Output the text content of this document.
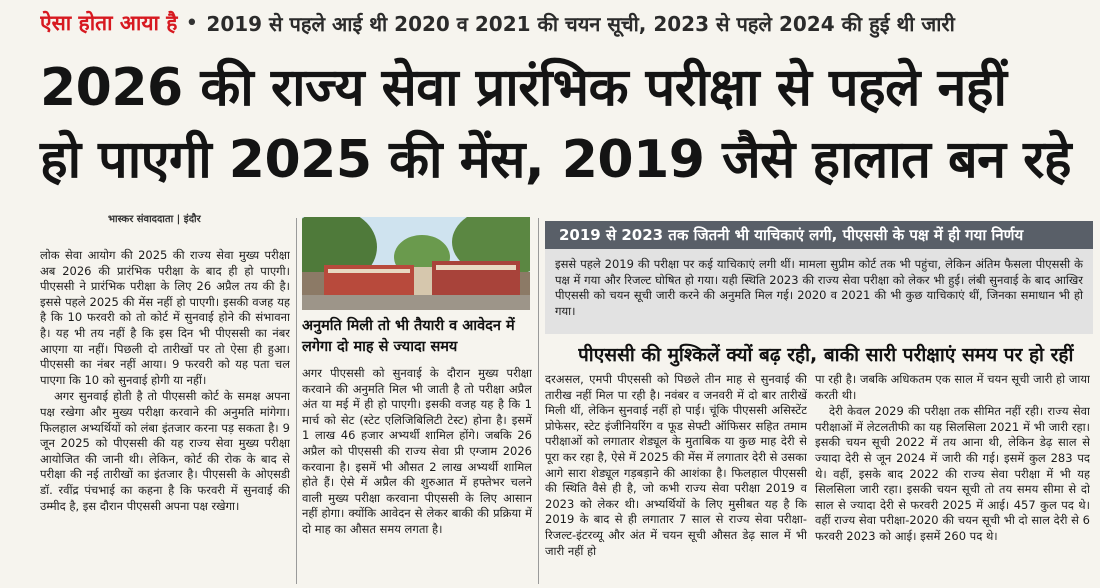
ऐसा होता आया है • 2019 से पहले आई थी 2020 व 2021 की चयन सूची, 2023 से पहले 2024 की हुई थी जारी
2026 की राज्य सेवा प्रारंभिक परीक्षा से पहले नहीं
हो पाएगी 2025 की मेंस, 2019 जैसे हालात बन रहे
भास्कर संवाददाता | इंदौर

लोक सेवा आयोग की 2025 की राज्य सेवा मुख्य परीक्षा अब 2026 की प्रारंभिक परीक्षा के बाद ही हो पाएगी। पीएससी ने प्रारंभिक परीक्षा के लिए 26 अप्रैल तय की है। इससे पहले 2025 की मेंस नहीं हो पाएगी। इसकी वजह यह है कि 10 फरवरी को तो कोर्ट में सुनवाई होने की संभावना है। यह भी तय नहीं है कि इस दिन भी पीएससी का नंबर आएगा या नहीं। पिछली दो तारीखों पर तो ऐसा ही हुआ। पीएससी का नंबर नहीं आया। 9 फरवरी को यह पता चल पाएगा कि 10 को सुनवाई होगी या नहीं।

अगर सुनवाई होती है तो पीएससी कोर्ट के समक्ष अपना पक्ष रखेगा और मुख्य परीक्षा करवाने की अनुमति मांगेगा। फिलहाल अभ्यर्थियों को लंबा इंतजार करना पड़ सकता है। 9 जून 2025 को पीएससी की यह राज्य सेवा मुख्य परीक्षा आयोजित की जानी थी। लेकिन, कोर्ट की रोक के बाद से परीक्षा की नई तारीखों का इंतजार है। पीएससी के ओएसडी डॉ. रवींद्र पंचभाई का कहना है कि फरवरी में सुनवाई की उम्मीद है, इस दौरान पीएससी अपना पक्ष रखेगा।

अनुमति मिली तो भी तैयारी व आवेदन में लगेगा दो माह से ज्यादा समय

अगर पीएससी को सुनवाई के दौरान मुख्य परीक्षा करवाने की अनुमति मिल भी जाती है तो परीक्षा अप्रैल अंत या मई में ही हो पाएगी। इसकी वजह यह है कि 1 मार्च को सेट (स्टेट एलिजिबिलिटी टेस्ट) होना है। इसमें 1 लाख 46 हजार अभ्यर्थी शामिल होंगे। जबकि 26 अप्रैल को पीएससी की राज्य सेवा प्री एग्जाम 2026 करवाना है। इसमें भी औसत 2 लाख अभ्यर्थी शामिल होते हैं। ऐसे में अप्रैल की शुरुआत में हफ्तेभर चलने वाली मुख्य परीक्षा करवाना पीएससी के लिए आसान नहीं होगा। क्योंकि आवेदन से लेकर बाकी की प्रक्रिया में दो माह का औसत समय लगता है।

2019 से 2023 तक जितनी भी याचिकाएं लगी, पीएससी के पक्ष में ही गया निर्णय

इससे पहले 2019 की परीक्षा पर कई याचिकाएं लगी थीं। मामला सुप्रीम कोर्ट तक भी पहुंचा, लेकिन अंतिम फैसला पीएससी के पक्ष में गया और रिजल्ट घोषित हो गया। यही स्थिति 2023 की राज्य सेवा परीक्षा को लेकर भी हुई। लंबी सुनवाई के बाद आखिर पीएससी को चयन सूची जारी करने की अनुमति मिल गई। 2020 व 2021 की भी कुछ याचिकाएं थीं, जिनका समाधान भी हो गया।

पीएससी की मुश्किलें क्यों बढ़ रही, बाकी सारी परीक्षाएं समय पर हो रहीं

दरअसल, एमपी पीएससी को पिछले तीन माह से सुनवाई की तारीख नहीं मिल पा रही है। नवंबर व जनवरी में दो बार तारीखें मिली थीं, लेकिन सुनवाई नहीं हो पाई। चूंकि पीएससी असिस्टेंट प्रोफेसर, स्टेट इंजीनियरिंग व फूड सेफ्टी ऑफिसर सहित तमाम परीक्षाओं को लगातार शेड्यूल के मुताबिक या कुछ माह देरी से पूरा कर रहा है, ऐसे में 2025 की मेंस में लगातार देरी से उसका आगे सारा शेड्यूल गड़बड़ाने की आशंका है। फिलहाल पीएससी की स्थिति वैसे ही है, जो कभी राज्य सेवा परीक्षा 2019 व 2023 को लेकर थी। अभ्यर्थियों के लिए मुसीबत यह है कि 2019 के बाद से ही लगातार 7 साल से राज्य सेवा परीक्षा-रिजल्ट-इंटरव्यू और अंत में चयन सूची औसत डेढ़ साल में भी जारी नहीं हो

पा रही है। जबकि अधिकतम एक साल में चयन सूची जारी हो जाया करती थी।

देरी केवल 2029 की परीक्षा तक सीमित नहीं रही। राज्य सेवा परीक्षाओं में लेटलतीफी का यह सिलसिला 2021 में भी जारी रहा। इसकी चयन सूची 2022 में तय आना थी, लेकिन डेढ़ साल से ज्यादा देरी से जून 2024 में जारी की गई। इसमें कुल 283 पद थे। वहीं, इसके बाद 2022 की राज्य सेवा परीक्षा में भी यह सिलसिला जारी रहा। इसकी चयन सूची तो तय समय सीमा से दो साल से ज्यादा देरी से फरवरी 2025 में आई। 457 कुल पद थे। वहीं राज्य सेवा परीक्षा-2020 की चयन सूची भी दो साल देरी से 6 फरवरी 2023 को आई। इसमें 260 पद थे।
